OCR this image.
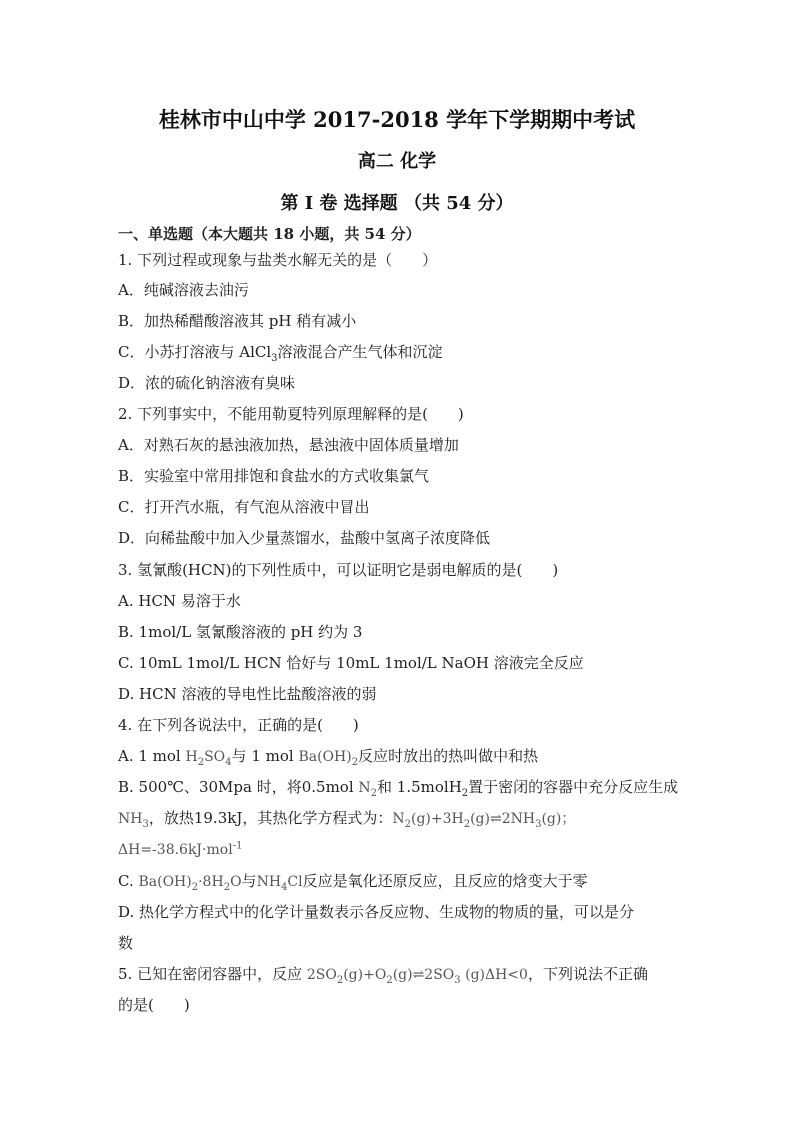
桂林市中山中学 2017-2018 学年下学期期中考试
高二 化学
第 I 卷 选择题 （共 54 分）
一、单选题（本大题共 18 小题，共 54 分）
1. 下列过程或现象与盐类水解无关的是（　　）
A．纯碱溶液去油污
B．加热稀醋酸溶液其 pH 稍有减小
C．小苏打溶液与 AlCl$_3$溶液混合产生气体和沉淀
D．浓的硫化钠溶液有臭味
2. 下列事实中，不能用勒夏特列原理解释的是(　　)
A．对熟石灰的悬浊液加热，悬浊液中固体质量增加
B．实验室中常用排饱和食盐水的方式收集氯气
C．打开汽水瓶，有气泡从溶液中冒出
D．向稀盐酸中加入少量蒸馏水，盐酸中氢离子浓度降低
3. 氢氰酸(HCN)的下列性质中，可以证明它是弱电解质的是(　　)
A. HCN 易溶于水
B. 1mol/L 氢氰酸溶液的 pH 约为 3
C. 10mL 1mol/L HCN 恰好与 10mL 1mol/L NaOH 溶液完全反应
D. HCN 溶液的导电性比盐酸溶液的弱
4. 在下列各说法中，正确的是(　　)
A. 1 mol $H_2SO_4$与 1 mol $Ba(OH)_2$反应时放出的热叫做中和热
B. 500℃、30Mpa 时，将0.5mol $N_2$和 1.5molH$_2$置于密闭的容器中充分反应生成
$NH_3$，放热19.3kJ，其热化学方程式为：$N_2(g)+3H_2(g)\rightleftharpoons 2NH_3(g)$；
ΔH=-38.6kJ·mol$^{-1}$
C. $Ba(OH)_2\cdot 8H_2O$与$NH_4Cl$反应是氧化还原反应，且反应的焓变大于零
D. 热化学方程式中的化学计量数表示各反应物、生成物的物质的量，可以是分
数
5. 已知在密闭容器中，反应 $2SO_2(g)+O_2(g)\rightleftharpoons 2SO_3$ (g)ΔH<0，下列说法不正确
的是(　　)
